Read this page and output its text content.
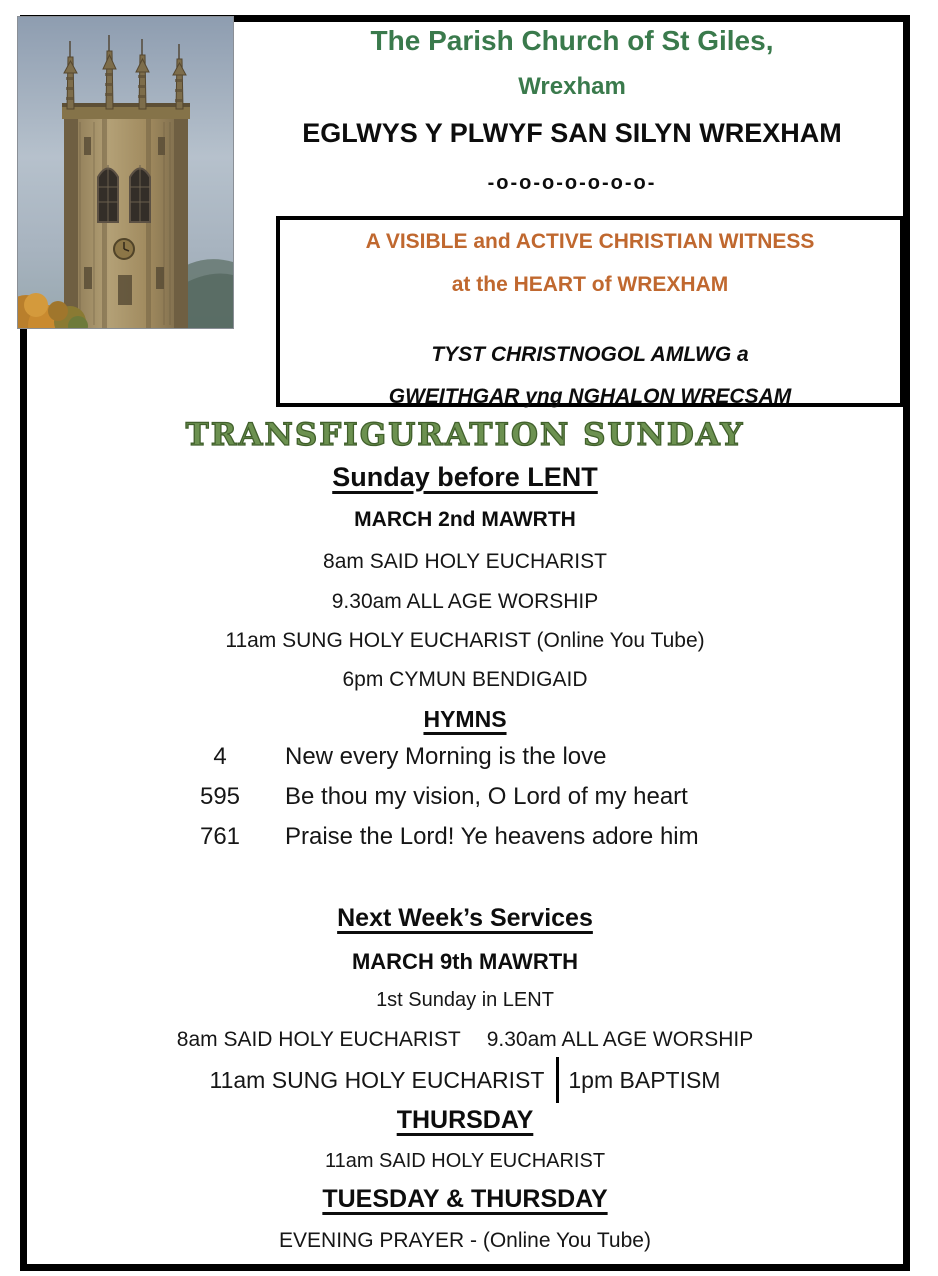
The Parish Church of St Giles,
Wrexham
EGLWYS Y PLWYF SAN SILYN WREXHAM
-o-o-o-o-o-o-o-
A VISIBLE and ACTIVE CHRISTIAN WITNESS
at the HEART of WREXHAM
TYST CHRISTNOGOL AMLWG a
GWEITHGAR yng NGHALON WRECSAM
TRANSFIGURATION SUNDAY
Sunday before LENT
MARCH 2nd MAWRTH
8am SAID HOLY EUCHARIST
9.30am ALL AGE WORSHIP
11am SUNG HOLY EUCHARIST (Online You Tube)
6pm CYMUN BENDIGAID
HYMNS
4	New every Morning is the love
595	Be thou my vision, O Lord of my heart
761	Praise the Lord! Ye heavens adore him
Next Week’s Services
MARCH 9th MAWRTH
1st Sunday in LENT
8am SAID HOLY EUCHARIST 9.30am ALL AGE WORSHIP
11am SUNG HOLY EUCHARIST 1pm BAPTISM
THURSDAY
11am SAID HOLY EUCHARIST
TUESDAY & THURSDAY
EVENING PRAYER - (Online You Tube)
